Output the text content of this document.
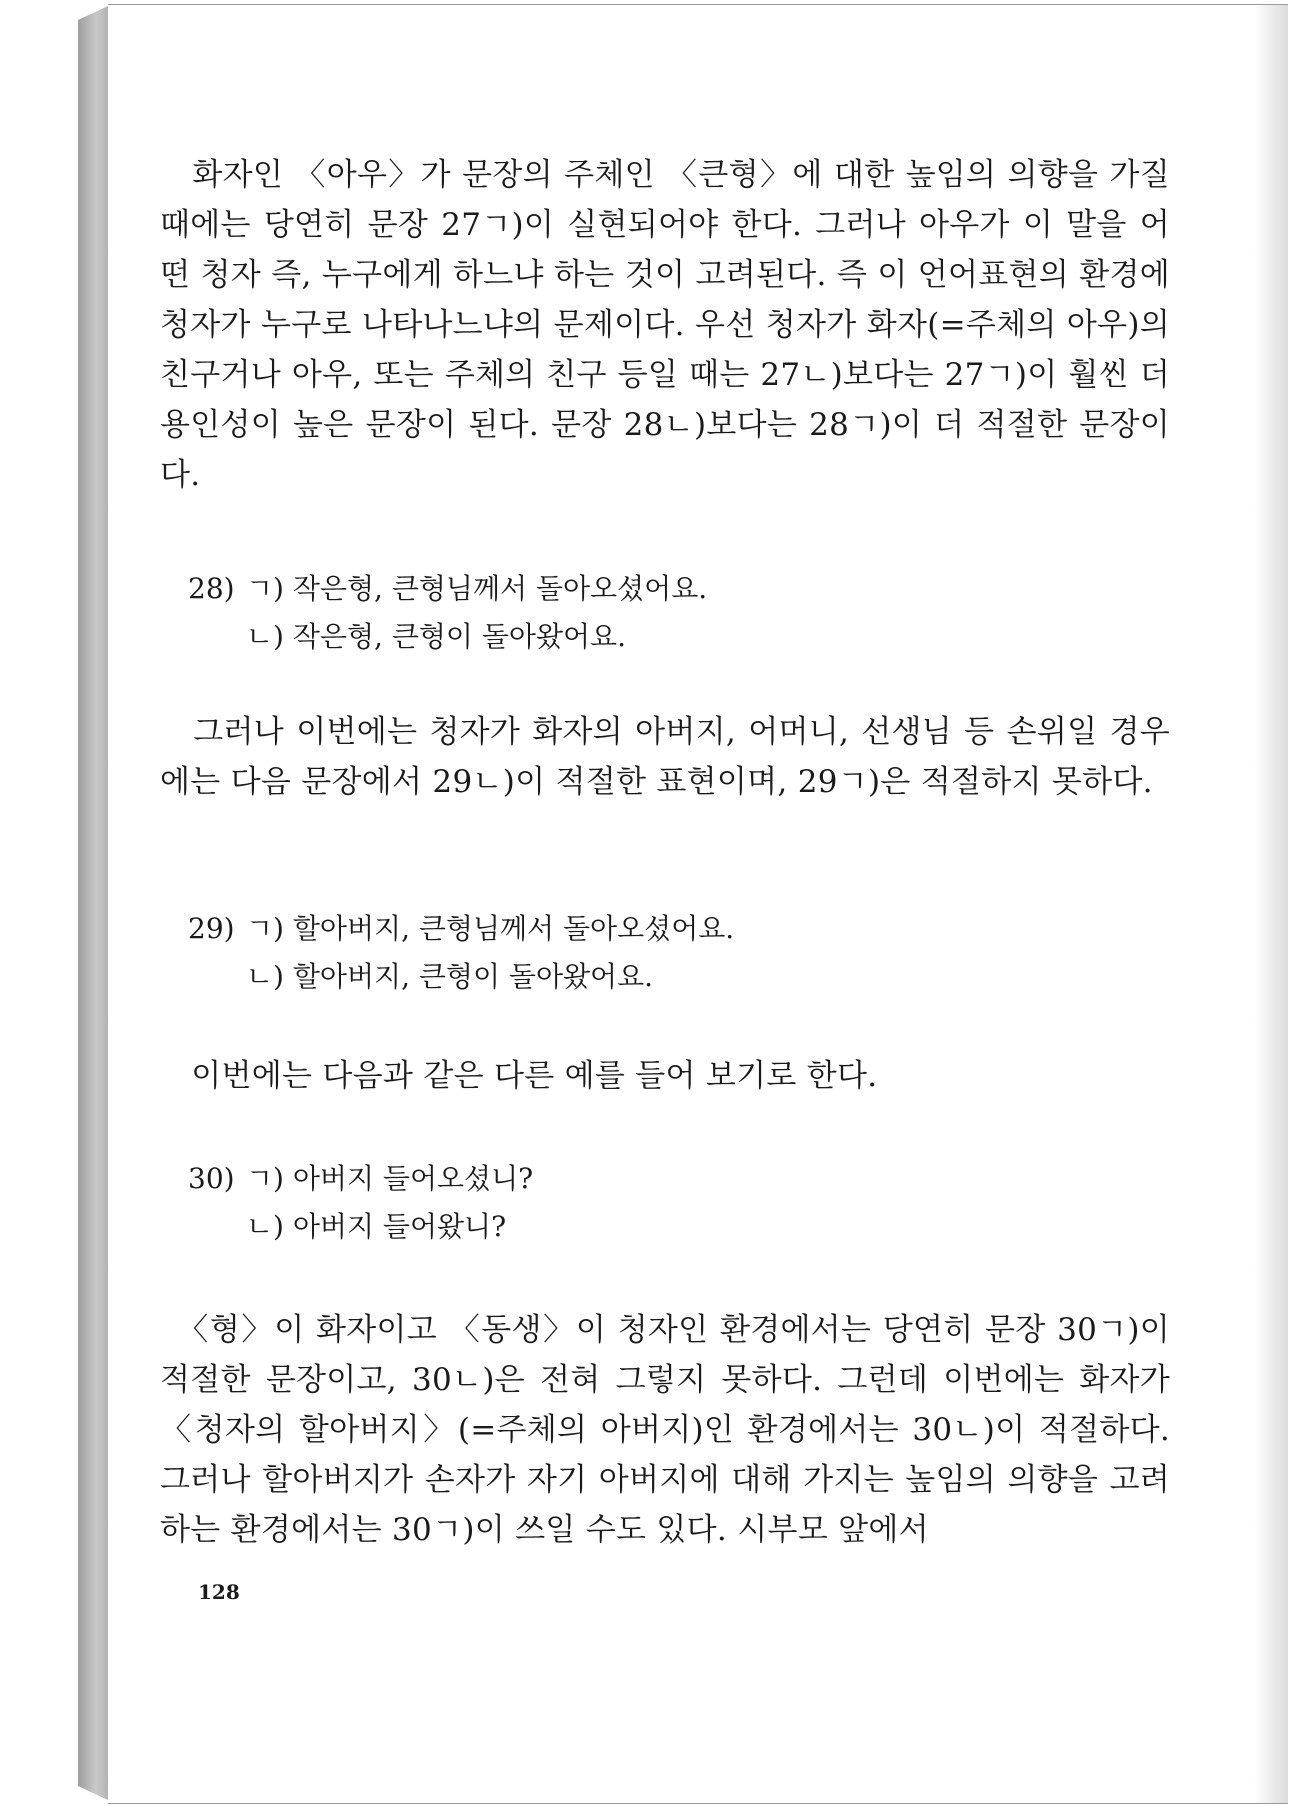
　화자인 〈아우〉가 문장의 주체인 〈큰형〉에 대한 높임의 의향을 가질 때에는 당연히 문장 27ㄱ)이 실현되어야 한다. 그러나 아우가 이 말을 어떤 청자 즉, 누구에게 하느냐 하는 것이 고려된다. 즉 이 언어표현의 환경에 청자가 누구로 나타나느냐의 문제이다. 우선 청자가 화자(=주체의 아우)의 친구거나 아우, 또는 주체의 친구 등일 때는 27ㄴ)보다는 27ㄱ)이 훨씬 더 용인성이 높은 문장이 된다. 문장 28ㄴ)보다는 28ㄱ)이 더 적절한 문장이다.

28) ㄱ) 작은형, 큰형님께서 돌아오셨어요.
ㄴ) 작은형, 큰형이 돌아왔어요.

　그러나 이번에는 청자가 화자의 아버지, 어머니, 선생님 등 손위일 경우에는 다음 문장에서 29ㄴ)이 적절한 표현이며, 29ㄱ)은 적절하지 못하다.

29) ㄱ) 할아버지, 큰형님께서 돌아오셨어요.
ㄴ) 할아버지, 큰형이 돌아왔어요.

　이번에는 다음과 같은 다른 예를 들어 보기로 한다.

30) ㄱ) 아버지 들어오셨니?
ㄴ) 아버지 들어왔니?

　〈형〉이 화자이고 〈동생〉이 청자인 환경에서는 당연히 문장 30ㄱ)이 적절한 문장이고, 30ㄴ)은 전혀 그렇지 못하다. 그런데 이번에는 화자가 〈청자의 할아버지〉(=주체의 아버지)인 환경에서는 30ㄴ)이 적절하다. 그러나 할아버지가 손자가 자기 아버지에 대해 가지는 높임의 의향을 고려하는 환경에서는 30ㄱ)이 쓰일 수도 있다. 시부모 앞에서

128
